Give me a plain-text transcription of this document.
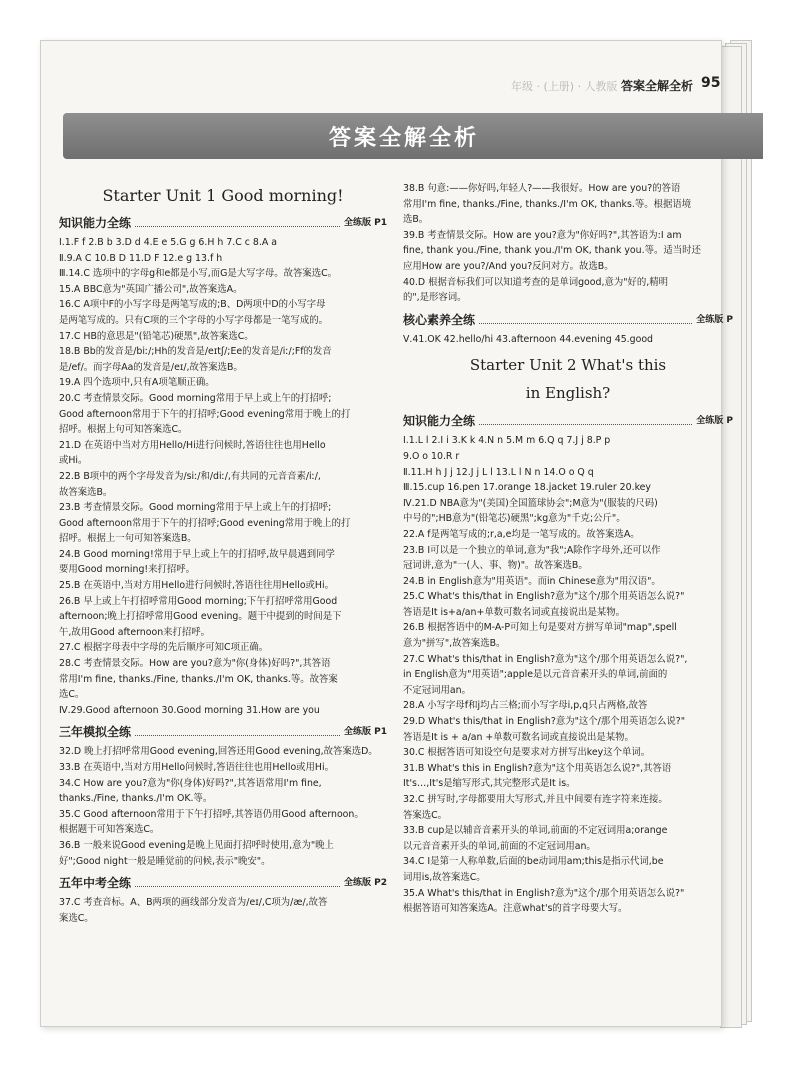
年级 · (上册) · 人教版 答案全解全析 95
答案全解全析
Starter Unit 1 Good morning!
知识能力全练	全练版 P1
Ⅰ.1.F f 2.B b 3.D d 4.E e 5.G g 6.H h 7.C c 8.A a
Ⅱ.9.A C 10.B D 11.D F 12.e g 13.f h
Ⅲ.14.C 选项中的字母g和e都是小写,而G是大写字母。故答案选C。
15.A BBC意为"英国广播公司",故答案选A。
16.C A项中F的小写字母是两笔写成的;B、D两项中D的小写字母
是两笔写成的。只有C项的三个字母的小写字母都是一笔写成的。
17.C HB的意思是"(铅笔芯)硬黑",故答案选C。
18.B Bb的发音是/biː/;Hh的发音是/eɪtʃ/;Ee的发音是/iː/;Ff的发音
是/ef/。而字母Aa的发音是/eɪ/,故答案选B。
19.A 四个选项中,只有A项笔顺正确。
20.C 考查情景交际。Good morning常用于早上或上午的打招呼;
Good afternoon常用于下午的打招呼;Good evening常用于晚上的打
招呼。根据上句可知答案选C。
21.D 在英语中当对方用Hello/Hi进行问候时,答语往往也用Hello
或Hi。
22.B B项中的两个字母发音为/siː/和/diː/,有共同的元音音素/iː/,
故答案选B。
23.B 考查情景交际。Good morning常用于早上或上午的打招呼;
Good afternoon常用于下午的打招呼;Good evening常用于晚上的打
招呼。根据上一句可知答案选B。
24.B Good morning!常用于早上或上午的打招呼,故早晨遇到同学
要用Good morning!来打招呼。
25.B 在英语中,当对方用Hello进行问候时,答语往往用Hello或Hi。
26.B 早上或上午打招呼常用Good morning;下午打招呼常用Good
afternoon;晚上打招呼常用Good evening。题干中提到的时间是下
午,故用Good afternoon来打招呼。
27.C 根据字母表中字母的先后顺序可知C项正确。
28.C 考查情景交际。How are you?意为"你(身体)好吗?",其答语
常用I'm fine, thanks./Fine, thanks./I'm OK, thanks.等。故答案
选C。
Ⅳ.29.Good afternoon 30.Good morning 31.How are you
三年模拟全练	全练版 P1
32.D 晚上打招呼常用Good evening,回答还用Good evening,故答案选D。
33.B 在英语中,当对方用Hello问候时,答语往往也用Hello或用Hi。
34.C How are you?意为"你(身体)好吗?",其答语常用I'm fine,
thanks./Fine, thanks./I'm OK.等。
35.C Good afternoon常用于下午打招呼,其答语仍用Good afternoon。
根据题干可知答案选C。
36.B 一般来说Good evening是晚上见面打招呼时使用,意为"晚上
好";Good night一般是睡觉前的问候,表示"晚安"。
五年中考全练	全练版 P2
37.C 考查音标。A、B两项的画线部分发音为/eɪ/,C项为/æ/,故答
案选C。
38.B 句意:——你好吗,年轻人?——我很好。How are you?的答语
常用I'm fine, thanks./Fine, thanks./I'm OK, thanks.等。根据语境
选B。
39.B 考查情景交际。How are you?意为"你好吗?",其答语为:I am
fine, thank you./Fine, thank you./I'm OK, thank you.等。适当时还
应用How are you?/And you?反问对方。故选B。
40.D 根据音标我们可以知道考查的是单词good,意为"好的,精明
的",是形容词。
核心素养全练	全练版 P
Ⅴ.41.OK 42.hello/hi 43.afternoon 44.evening 45.good
Starter Unit 2 What's this
in English?
知识能力全练	全练版 P
Ⅰ.1.L l 2.I i 3.K k 4.N n 5.M m 6.Q q 7.J j 8.P p
9.O o 10.R r
Ⅱ.11.H h J j 12.J j L l 13.L l N n 14.O o Q q
Ⅲ.15.cup 16.pen 17.orange 18.jacket 19.ruler 20.key
Ⅳ.21.D NBA意为"(美国)全国篮球协会";M意为"(服装的尺码)
中号的";HB意为"(铅笔芯)硬黑";kg意为"千克;公斤"。
22.A f是两笔写成的;r,a,e均是一笔写成的。故答案选A。
23.B I可以是一个独立的单词,意为"我";A除作字母外,还可以作
冠词讲,意为"一(人、事、物)"。故答案选B。
24.B in English意为"用英语"。而in Chinese意为"用汉语"。
25.C What's this/that in English?意为"这个/那个用英语怎么说?"
答语是It is+a/an+单数可数名词或直接说出是某物。
26.B 根据答语中的M-A-P可知上句是要对方拼写单词"map",spell
意为"拼写",故答案选B。
27.C What's this/that in English?意为"这个/那个用英语怎么说?",
in English意为"用英语";apple是以元音音素开头的单词,前面的
不定冠词用an。
28.A 小写字母f和j均占三格;而小写字母i,p,q只占两格,故答
29.D What's this/that in English?意为"这个/那个用英语怎么说?"
答语是It is + a/an +单数可数名词或直接说出是某物。
30.C 根据答语可知设空句是要求对方拼写出key这个单词。
31.B What's this in English?意为"这个用英语怎么说?",其答语
It's…,It's是缩写形式,其完整形式是It is。
32.C 拼写时,字母都要用大写形式,并且中间要有连字符来连接。
答案选C。
33.B cup是以辅音音素开头的单词,前面的不定冠词用a;orange
以元音音素开头的单词,前面的不定冠词用an。
34.C I是第一人称单数,后面的be动词用am;this是指示代词,be
词用is,故答案选C。
35.A What's this/that in English?意为"这个/那个用英语怎么说?"
根据答语可知答案选A。注意what's的首字母要大写。
